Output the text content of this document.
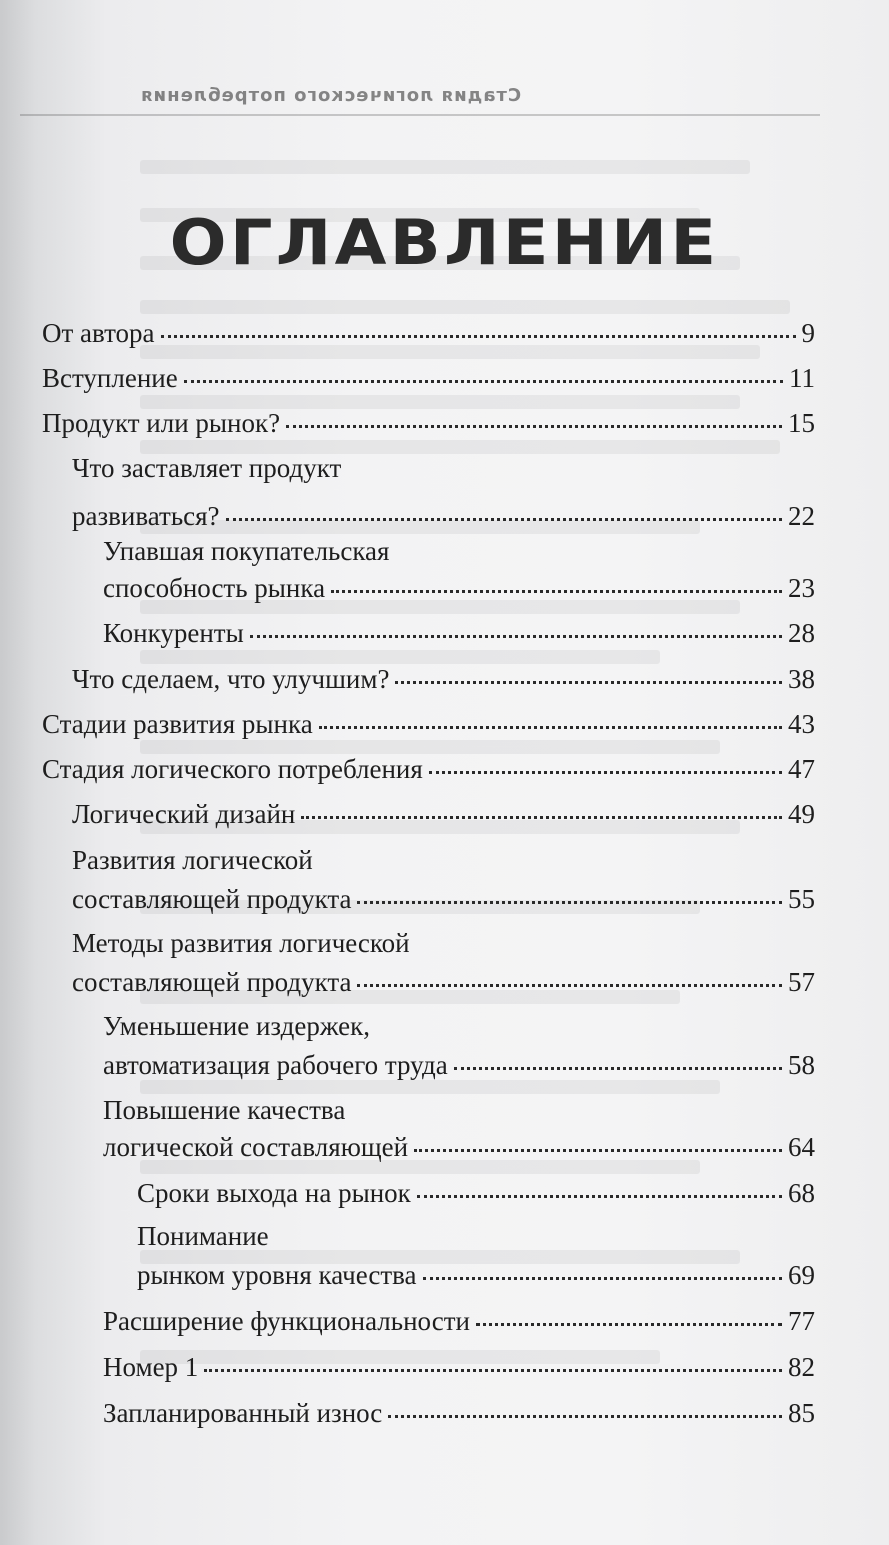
Стадия логического потребления
ОГЛАВЛЕНИЕ
От автора	9
Вступление	11
Продукт или рынок?	15
Что заставляет продукт
развиваться?	22
Упавшая покупательская
способность рынка	23
Конкуренты	28
Что сделаем, что улучшим?	38
Стадии развития рынка	43
Стадия логического потребления	47
Логический дизайн	49
Развития логической
составляющей продукта	55
Методы развития логической
составляющей продукта	57
Уменьшение издержек,
автоматизация рабочего труда	58
Повышение качества
логической составляющей	64
Сроки выхода на рынок	68
Понимание
рынком уровня качества	69
Расширение функциональности	77
Номер 1	82
Запланированный износ	85
